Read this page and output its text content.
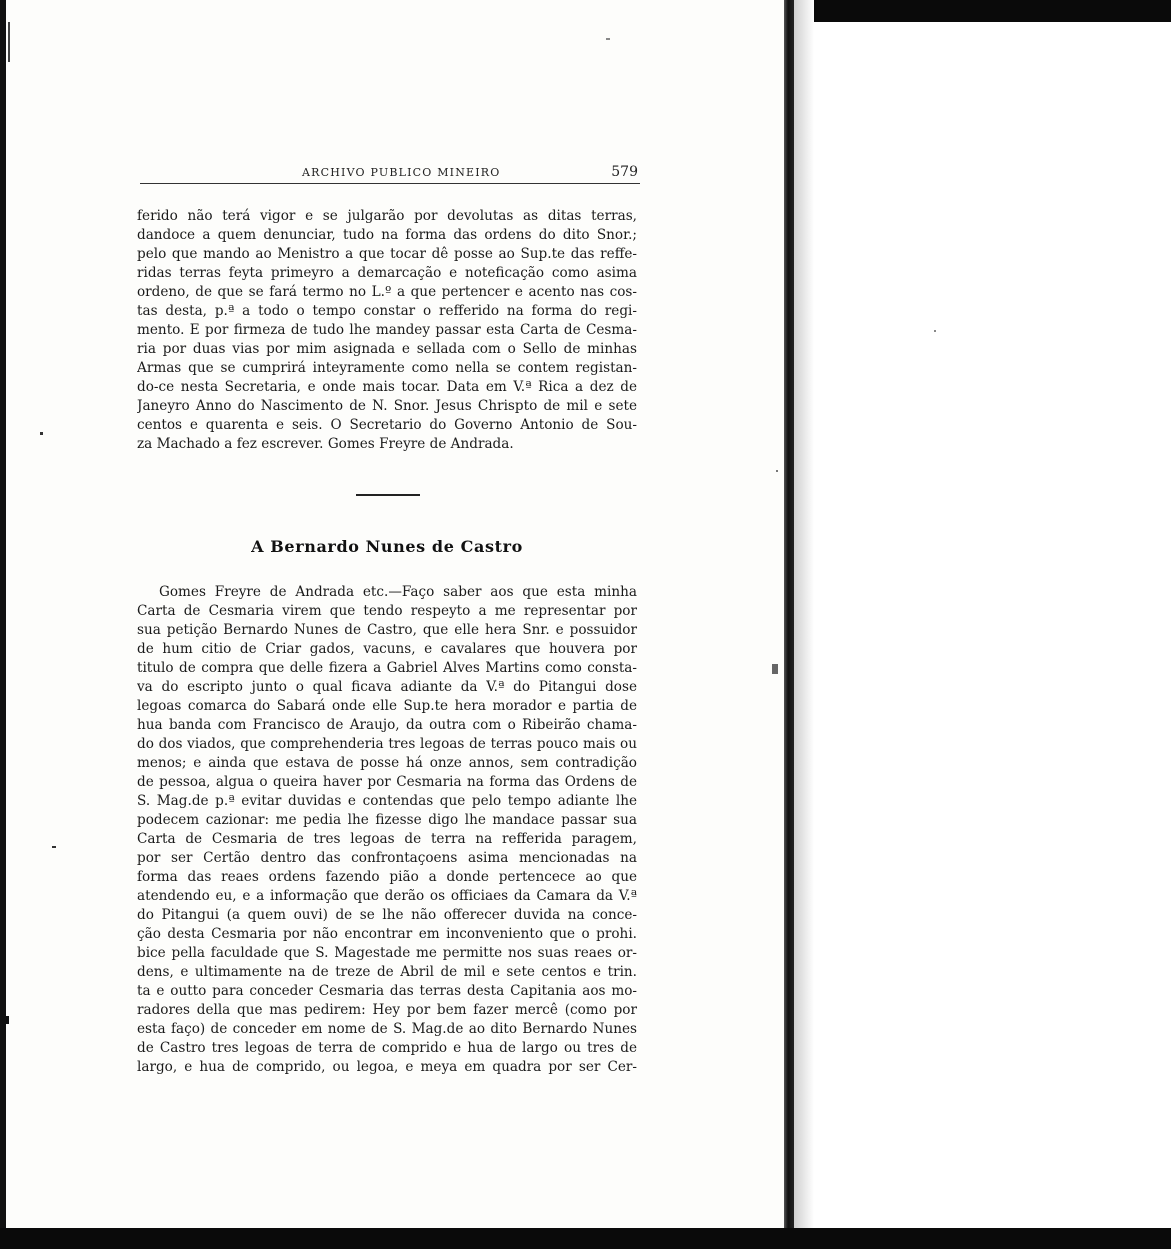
ARCHIVO PUBLICO MINEIRO	579
ferido não terá vigor e se julgarão por devolutas as ditas terras,
dandoce a quem denunciar, tudo na forma das ordens do dito Snor.;
pelo que mando ao Menistro a que tocar dê posse ao Sup.te das reffe-
ridas terras feyta primeyro a demarcação e noteficação como asima
ordeno, de que se fará termo no L.º a que pertencer e acento nas cos-
tas desta, p.ª a todo o tempo constar o refferido na forma do regi-
mento. E por firmeza de tudo lhe mandey passar esta Carta de Cesma-
ria por duas vias por mim asignada e sellada com o Sello de minhas
Armas que se cumprirá inteyramente como nella se contem registan-
do-ce nesta Secretaria, e onde mais tocar. Data em V.ª Rica a dez de
Janeyro Anno do Nascimento de N. Snor. Jesus Chrispto de mil e sete
centos e quarenta e seis. O Secretario do Governo Antonio de Sou-
za Machado a fez escrever. Gomes Freyre de Andrada.
A Bernardo Nunes de Castro
Gomes Freyre de Andrada etc.—Faço saber aos que esta minha
Carta de Cesmaria virem que tendo respeyto a me representar por
sua petição Bernardo Nunes de Castro, que elle hera Snr. e possuidor
de hum citio de Criar gados, vacuns, e cavalares que houvera por
titulo de compra que delle fizera a Gabriel Alves Martins como consta-
va do escripto junto o qual ficava adiante da V.ª do Pitangui dose
legoas comarca do Sabará onde elle Sup.te hera morador e partia de
hua banda com Francisco de Araujo, da outra com o Ribeirão chama-
do dos viados, que comprehenderia tres legoas de terras pouco mais ou
menos; e ainda que estava de posse há onze annos, sem contradição
de pessoa, algua o queira haver por Cesmaria na forma das Ordens de
S. Mag.de p.ª evitar duvidas e contendas que pelo tempo adiante lhe
podecem cazionar: me pedia lhe fizesse digo lhe mandace passar sua
Carta de Cesmaria de tres legoas de terra na refferida paragem,
por ser Certão dentro das confrontaçoens asima mencionadas na
forma das reaes ordens fazendo pião a donde pertencece ao que
atendendo eu, e a informação que derão os officiaes da Camara da V.ª
do Pitangui (a quem ouvi) de se lhe não offerecer duvida na conce-
ção desta Cesmaria por não encontrar em inconveniento que o prohi.
bice pella faculdade que S. Magestade me permitte nos suas reaes or-
dens, e ultimamente na de treze de Abril de mil e sete centos e trin.
ta e outto para conceder Cesmaria das terras desta Capitania aos mo-
radores della que mas pedirem: Hey por bem fazer mercê (como por
esta faço) de conceder em nome de S. Mag.de ao dito Bernardo Nunes
de Castro tres legoas de terra de comprido e hua de largo ou tres de
largo, e hua de comprido, ou legoa, e meya em quadra por ser Cer-
